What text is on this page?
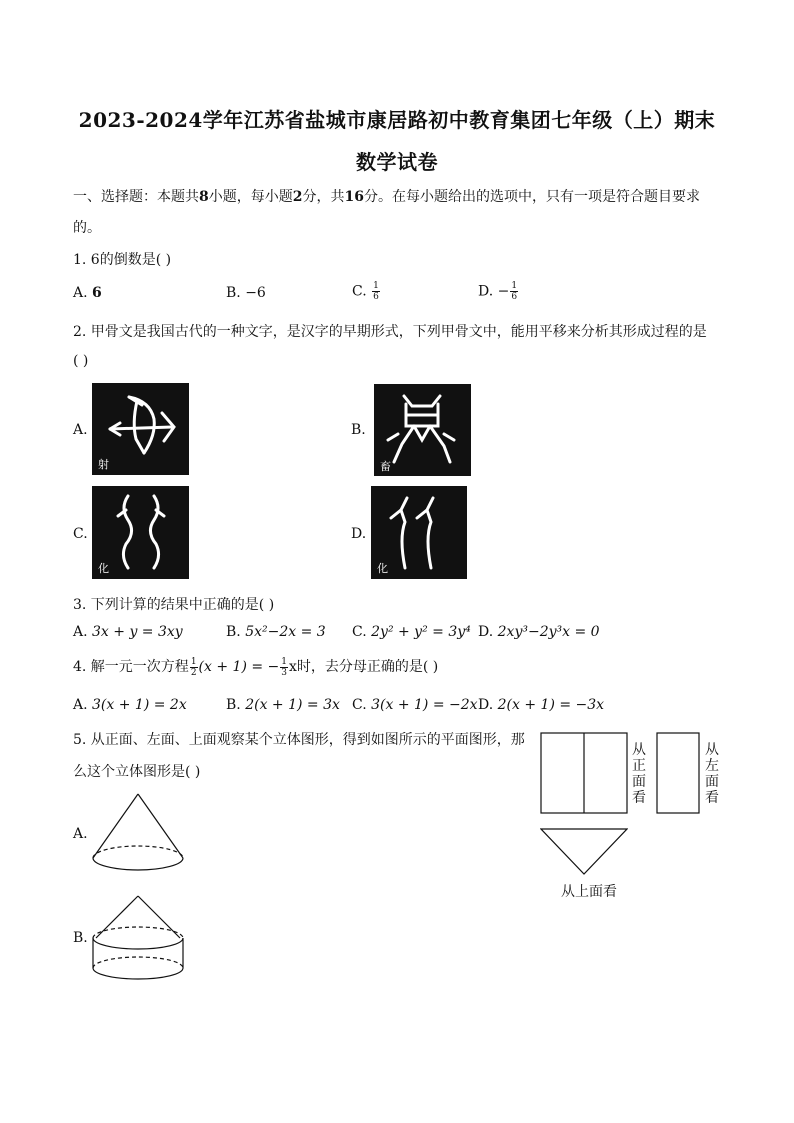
2023-2024学年江苏省盐城市康居路初中教育集团七年级（上）期末
数学试卷
一、选择题：本题共8小题，每小题2分，共16分。在每小题给出的选项中，只有一项是符合题目要求
的。
1. 6的倒数是( )
A. 6	B. −6	C. $\frac{1}{6}$	D. − $\frac{1}{6}$
2. 甲骨文是我国古代的一种文字，是汉字的早期形式，下列甲骨文中，能用平移来分析其形成过程的是
( )
A.
射
B.
畜
C.
化
D.
化
3. 下列计算的结果中正确的是( )
A. 3x + y = 3xy	B. 5x²−2x = 3 C. 2y² + y² = 3y⁴ D. 2xy³−2y³x = 0
4. 解一元一次方程 $\frac{1}{2} (x + 1)$ = − $\frac{1}{3}$ x时，去分母正确的是( )
A. 3(x + 1) = 2x	B. 2(x + 1) = 3x C. 3(x + 1) = −2x D. 2(x + 1) = −3x
5. 从正面、左面、上面观察某个立体图形，得到如图所示的平面图形，那
么这个立体图形是( )
从正面看
从左面看
从上面看
A.
B.
